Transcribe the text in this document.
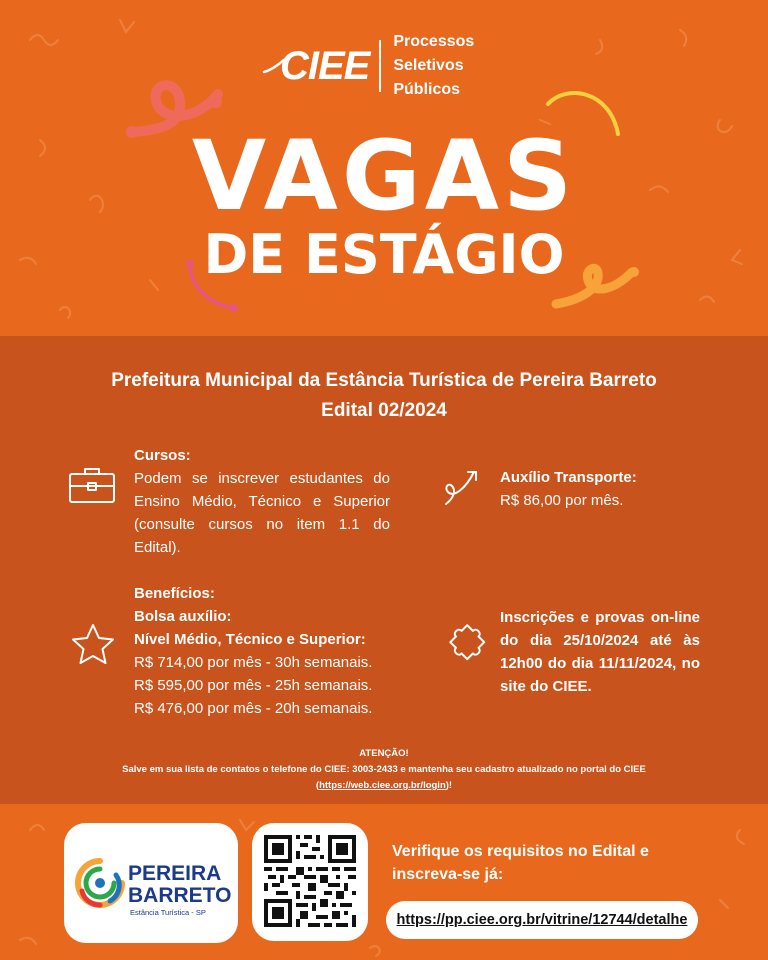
CIEE
Processos
Seletivos
Públicos
VAGAS
DE ESTÁGIO
Prefeitura Municipal da Estância Turística de Pereira Barreto
Edital 02/2024
Cursos:
Podem se inscrever estudantes do Ensino Médio, Técnico e Superior (consulte cursos no item 1.1 do Edital).
Auxílio Transporte:
R$ 86,00 por mês.
Benefícios:
Bolsa auxílio:
Nível Médio, Técnico e Superior:
R$ 714,00 por mês - 30h semanais.
R$ 595,00 por mês - 25h semanais.
R$ 476,00 por mês - 20h semanais.
Inscrições e provas on-line do dia 25/10/2024 até às 12h00 do dia 11/11/2024, no site do CIEE.
ATENÇÃO!
Salve em sua lista de contatos o telefone do CIEE: 3003-2433 e mantenha seu cadastro atualizado no portal do CIEE (https://web.ciee.org.br/login)!
PEREIRA
BARRETO
Estância Turística - SP
Verifique os requisitos no Edital e inscreva-se já:
https://pp.ciee.org.br/vitrine/12744/detalhe
